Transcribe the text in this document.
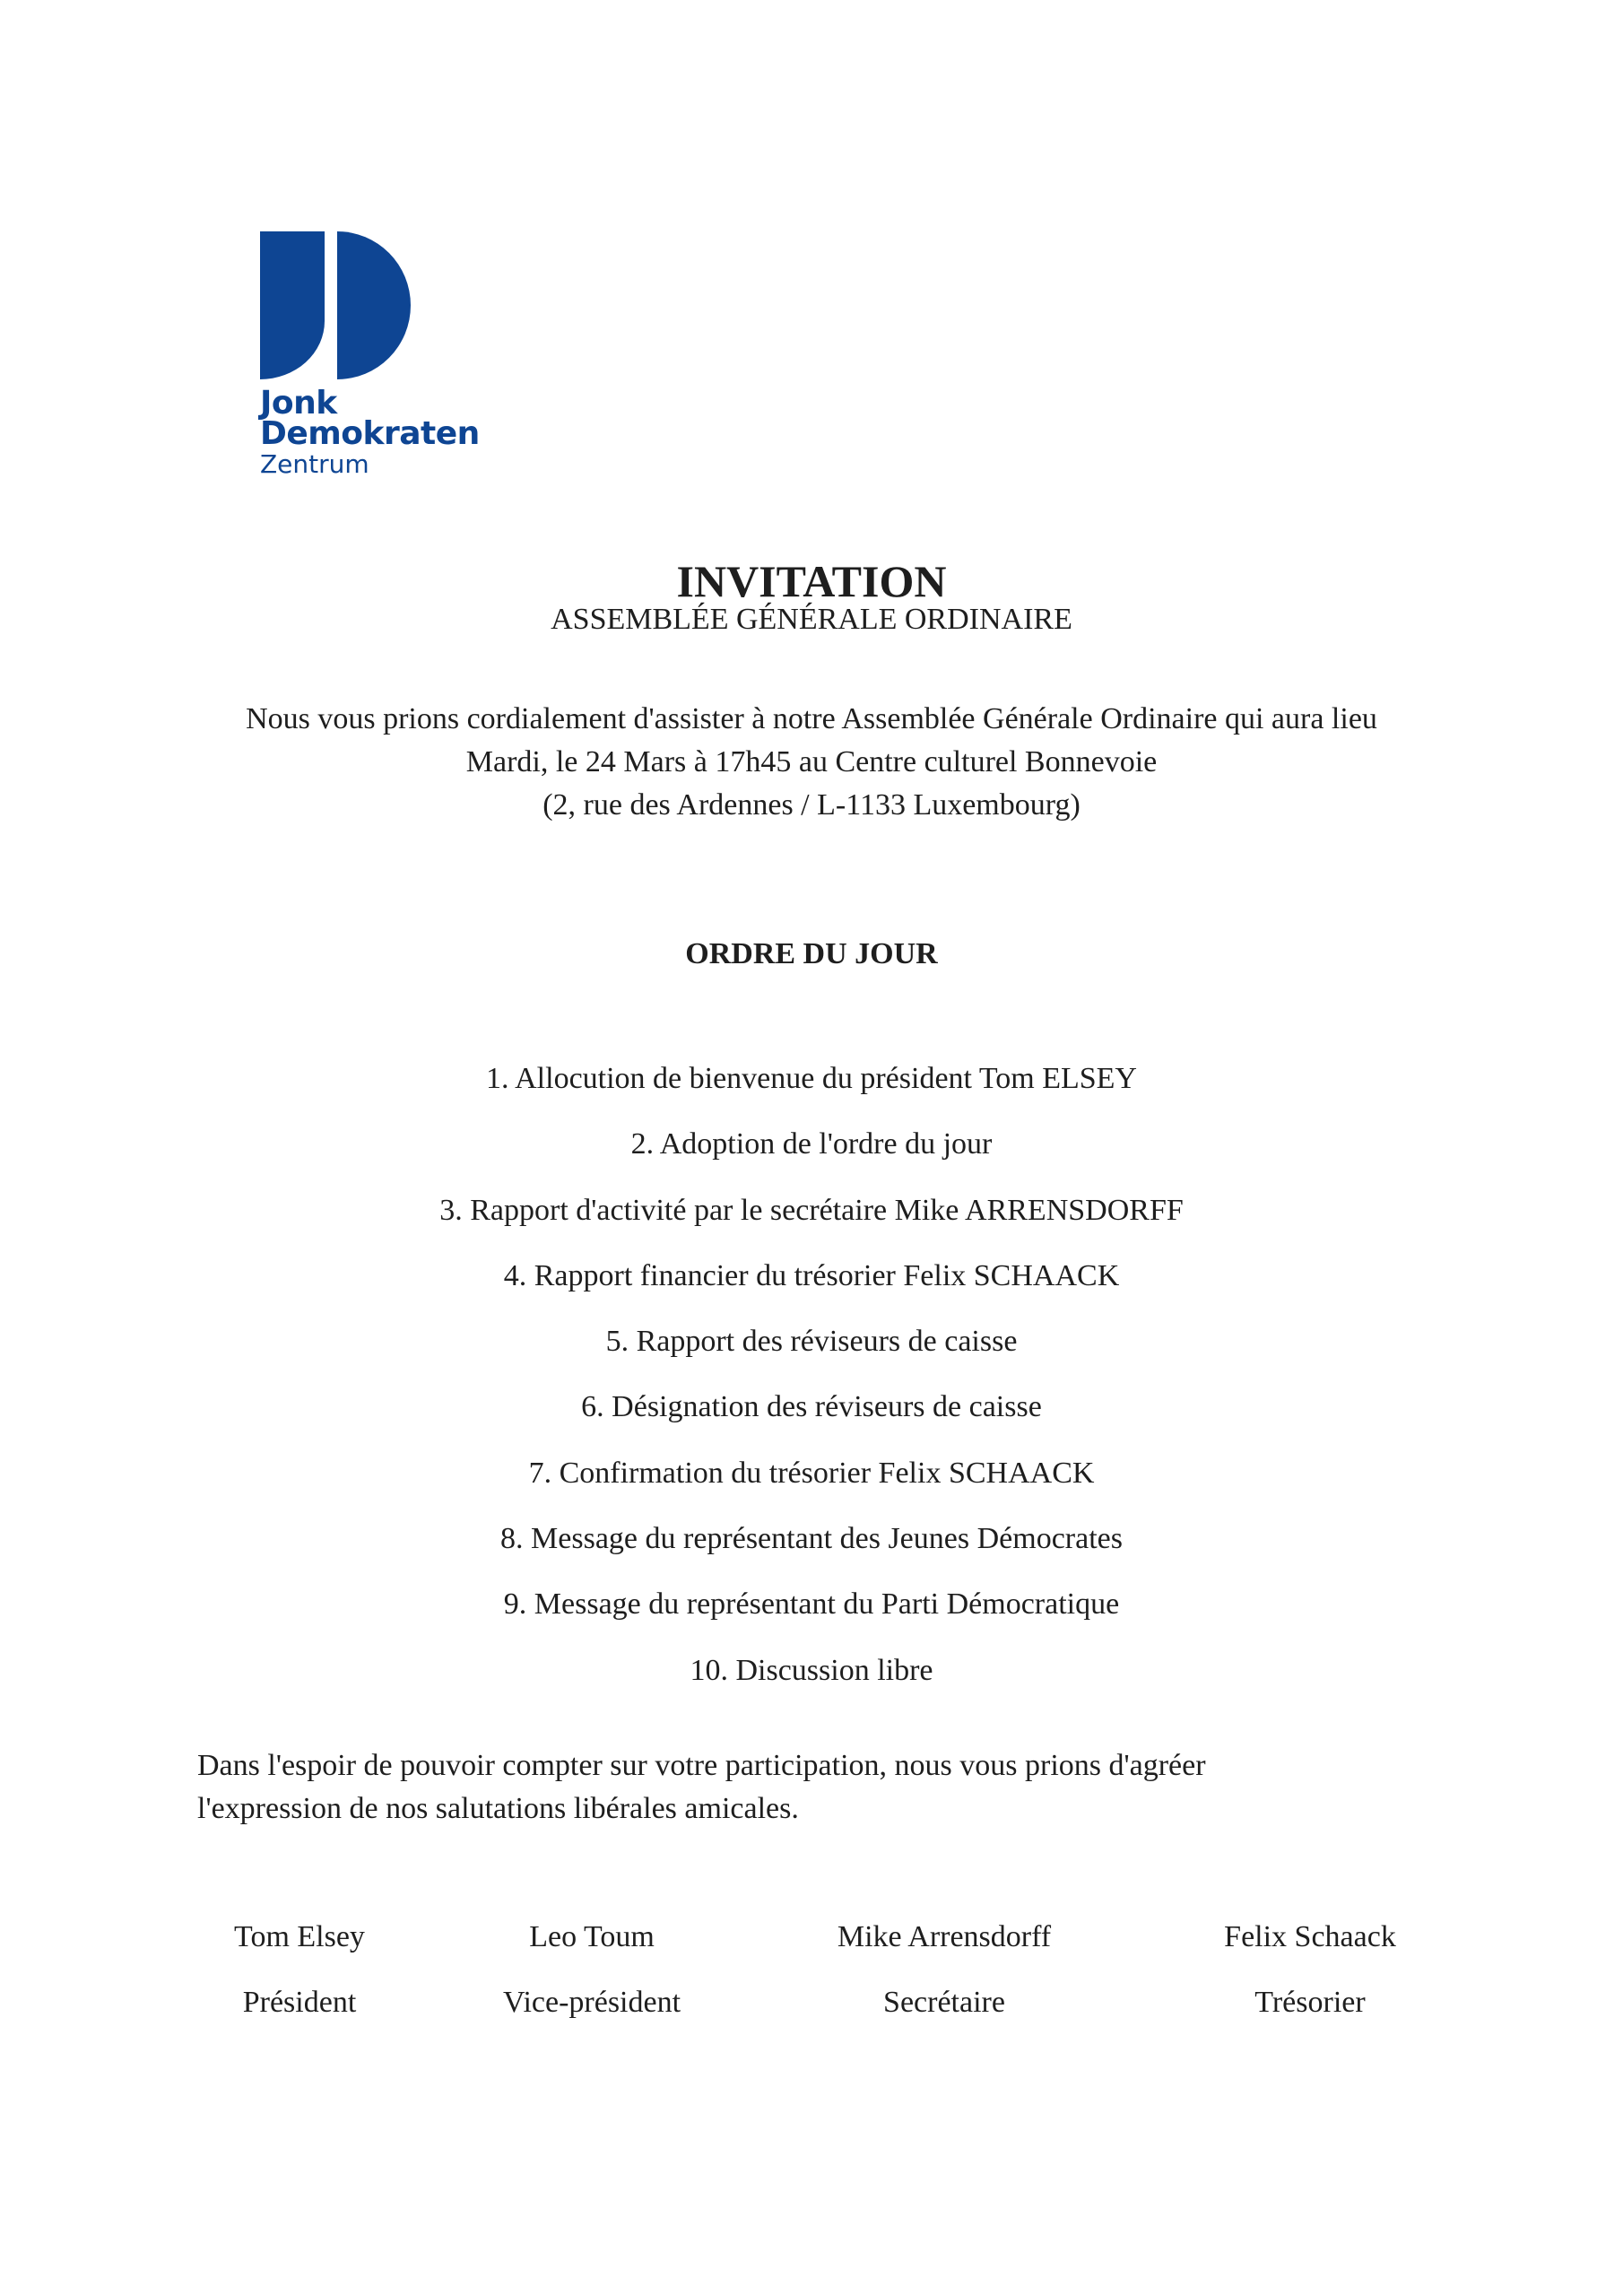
Jonk
Demokraten
Zentrum
INVITATION
ASSEMBLÉE GÉNÉRALE ORDINAIRE
Nous vous prions cordialement d'assister à notre Assemblée Générale Ordinaire qui aura lieu
Mardi, le 24 Mars à 17h45 au Centre culturel Bonnevoie
(2, rue des Ardennes / L-1133 Luxembourg)
ORDRE DU JOUR
1. Allocution de bienvenue du président Tom ELSEY
2. Adoption de l'ordre du jour
3. Rapport d'activité par le secrétaire Mike ARRENSDORFF
4. Rapport financier du trésorier Felix SCHAACK
5. Rapport des réviseurs de caisse
6. Désignation des réviseurs de caisse
7. Confirmation du trésorier Felix SCHAACK
8. Message du représentant des Jeunes Démocrates
9. Message du représentant du Parti Démocratique
10. Discussion libre
Dans l'espoir de pouvoir compter sur votre participation, nous vous prions d'agréer
l'expression de nos salutations libérales amicales.
Tom Elsey
Président
Leo Toum
Vice-président
Mike Arrensdorff
Secrétaire
Felix Schaack
Trésorier
